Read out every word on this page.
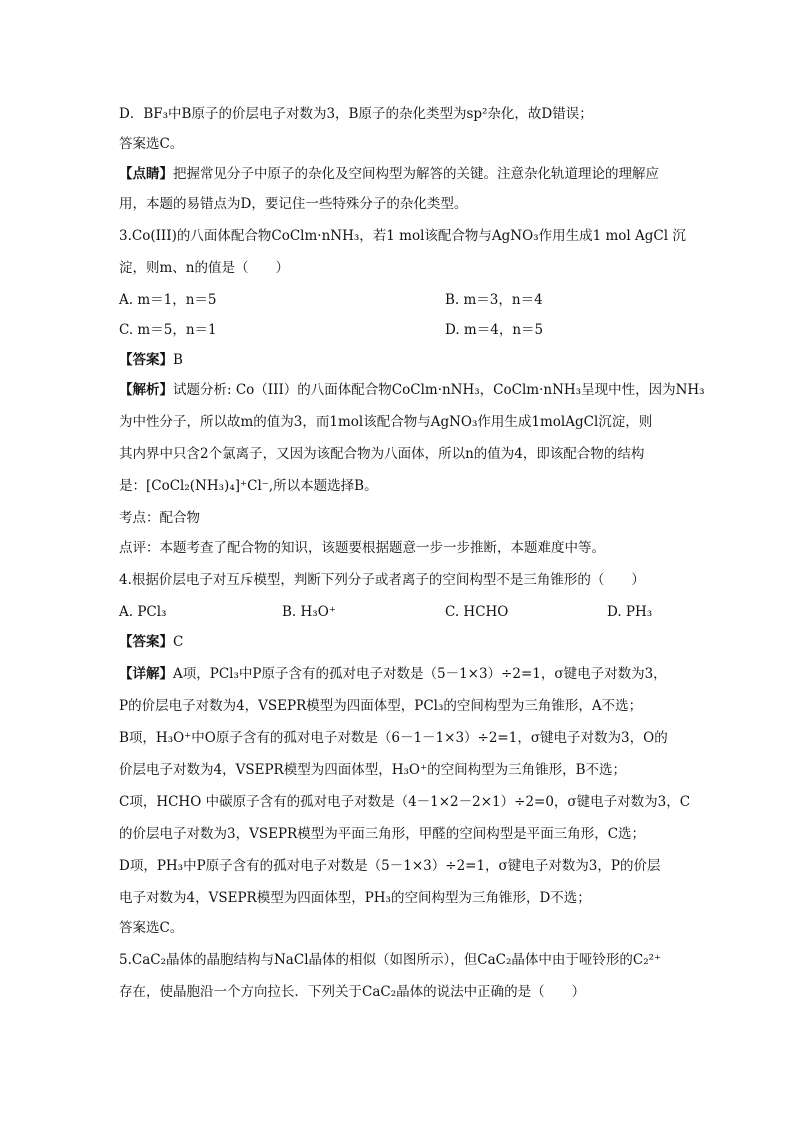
D．BF₃中B原子的价层电子对数为3，B原子的杂化类型为sp²杂化，故D错误；
答案选C。
【点睛】把握常见分子中原子的杂化及空间构型为解答的关键。注意杂化轨道理论的理解应
用，本题的易错点为D，要记住一些特殊分子的杂化类型。
3.Co(III)的八面体配合物CoClm·nNH₃，若1 mol该配合物与AgNO₃作用生成1 mol AgCl 沉
淀，则m、n的值是（　　）
A. m＝1，n＝5	B. m＝3，n＝4
C. m＝5，n＝1	D. m＝4，n＝5
【答案】B
【解析】试题分析: Co（III）的八面体配合物CoClm·nNH₃，CoClm·nNH₃呈现中性，因为NH₃
为中性分子，所以故m的值为3，而1mol该配合物与AgNO₃作用生成1molAgCl沉淀，则
其内界中只含2个氯离子，又因为该配合物为八面体，所以n的值为4，即该配合物的结构
是：[CoCl₂(NH₃)₄]⁺Cl⁻,所以本题选择B。
考点：配合物
点评：本题考查了配合物的知识，该题要根据题意一步一步推断，本题难度中等。
4.根据价层电子对互斥模型，判断下列分子或者离子的空间构型不是三角锥形的（　　）
A. PCl₃	B. H₃O⁺	C. HCHO	D. PH₃
【答案】C
【详解】A项，PCl₃中P原子含有的孤对电子对数是（5－1×3）÷2=1，σ键电子对数为3，
P的价层电子对数为4，VSEPR模型为四面体型，PCl₃的空间构型为三角锥形，A不选；
B项，H₃O⁺中O原子含有的孤对电子对数是（6－1－1×3）÷2=1，σ键电子对数为3，O的
价层电子对数为4，VSEPR模型为四面体型，H₃O⁺的空间构型为三角锥形，B不选；
C项，HCHO 中碳原子含有的孤对电子对数是（4－1×2－2×1）÷2=0，σ键电子对数为3，C
的价层电子对数为3，VSEPR模型为平面三角形，甲醛的空间构型是平面三角形，C选；
D项，PH₃中P原子含有的孤对电子对数是（5－1×3）÷2=1，σ键电子对数为3，P的价层
电子对数为4，VSEPR模型为四面体型，PH₃的空间构型为三角锥形，D不选；
答案选C。
5.CaC₂晶体的晶胞结构与NaCl晶体的相似（如图所示），但CaC₂晶体中由于哑铃形的C₂²⁺
存在，使晶胞沿一个方向拉长．下列关于CaC₂晶体的说法中正确的是（　　）
